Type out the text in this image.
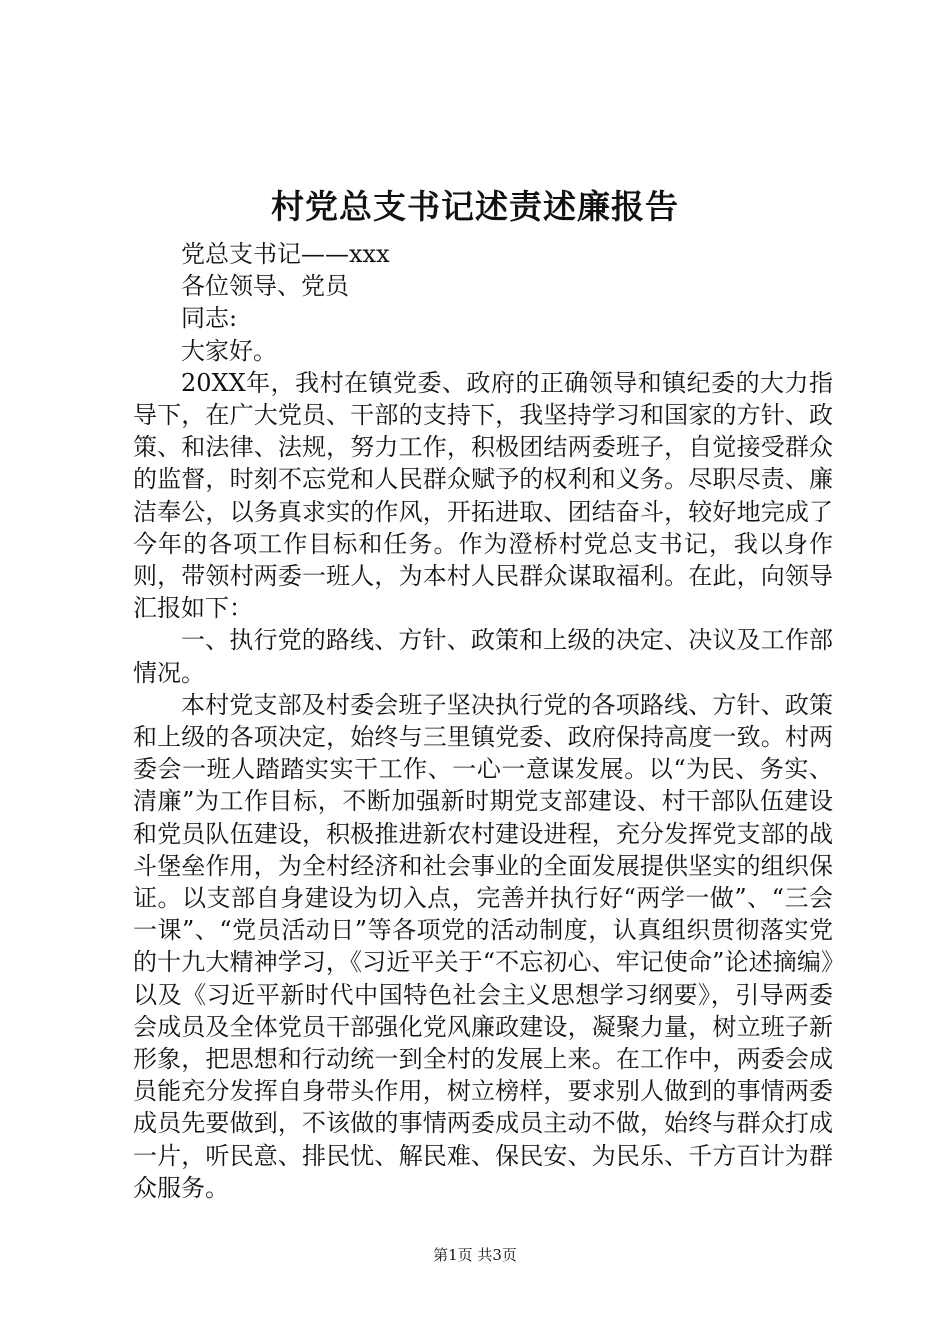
村党总支书记述责述廉报告

党总支书记——xxx

各位领导、党员

同志:

大家好。

20XX年，我村在镇党委、政府的正确领导和镇纪委的大力指导下，在广大党员、干部的支持下，我坚持学习和国家的方针、政策、和法律、法规，努力工作，积极团结两委班子，自觉接受群众的监督，时刻不忘党和人民群众赋予的权利和义务。尽职尽责、廉洁奉公，以务真求实的作风，开拓进取、团结奋斗，较好地完成了今年的各项工作目标和任务。作为澄桥村党总支书记，我以身作则，带领村两委一班人，为本村人民群众谋取福利。在此，向领导汇报如下：

一、执行党的路线、方针、政策和上级的决定、决议及工作部情况。

本村党支部及村委会班子坚决执行党的各项路线、方针、政策和上级的各项决定，始终与三里镇党委、政府保持高度一致。村两委会一班人踏踏实实干工作、一心一意谋发展。以“为民、务实、清廉”为工作目标，不断加强新时期党支部建设、村干部队伍建设和党员队伍建设，积极推进新农村建设进程，充分发挥党支部的战斗堡垒作用，为全村经济和社会事业的全面发展提供坚实的组织保证。以支部自身建设为切入点，完善并执行好“两学一做”、“三会一课”、“党员活动日”等各项党的活动制度，认真组织贯彻落实党的十九大精神学习，《习近平关于“不忘初心、牢记使命”论述摘编》以及《习近平新时代中国特色社会主义思想学习纲要》，引导两委会成员及全体党员干部强化党风廉政建设，凝聚力量，树立班子新形象，把思想和行动统一到全村的发展上来。在工作中，两委会成员能充分发挥自身带头作用，树立榜样，要求别人做到的事情两委成员先要做到，不该做的事情两委成员主动不做，始终与群众打成一片，听民意、排民忧、解民难、保民安、为民乐、千方百计为群众服务。

第1页 共3页
